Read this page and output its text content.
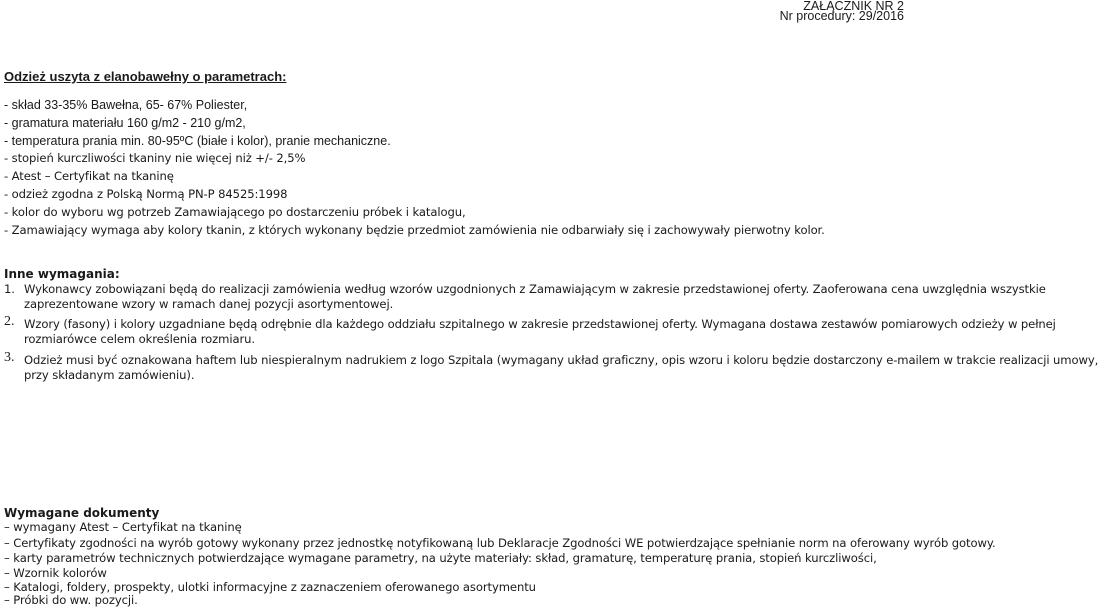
ZAŁĄCZNIK NR 2
Nr procedury: 29/2016
Odzież uszyta z elanobawełny o parametrach:
- skład 33-35% Bawełna, 65- 67% Poliester,
- gramatura materiału 160 g/m2 - 210 g/m2,
- temperatura prania min. 80-95ºC (białe i kolor), pranie mechaniczne.
- stopień kurczliwości tkaniny nie więcej niż +/- 2,5%
- Atest – Certyfikat na tkaninę
- odzież zgodna z Polską Normą PN-P 84525:1998
- kolor do wyboru wg potrzeb Zamawiającego po dostarczeniu próbek i katalogu,
- Zamawiający wymaga aby kolory tkanin, z których wykonany będzie przedmiot zamówienia nie odbarwiały się i zachowywały pierwotny kolor.
Inne wymagania:
1. Wykonawcy zobowiązani będą do realizacji zamówienia według wzorów uzgodnionych z Zamawiającym w zakresie przedstawionej oferty. Zaoferowana cena uwzględnia wszystkie
zaprezentowane wzory w ramach danej pozycji asortymentowej.
2. Wzory (fasony) i kolory uzgadniane będą odrębnie dla każdego oddziału szpitalnego w zakresie przedstawionej oferty. Wymagana dostawa zestawów pomiarowych odzieży w pełnej
rozmiarówce celem określenia rozmiaru.
3. Odzież musi być oznakowana haftem lub niespieralnym nadrukiem z logo Szpitala (wymagany układ graficzny, opis wzoru i koloru będzie dostarczony e-mailem w trakcie realizacji umowy,
przy składanym zamówieniu).
Wymagane dokumenty
– wymagany Atest – Certyfikat na tkaninę
– Certyfikaty zgodności na wyrób gotowy wykonany przez jednostkę notyfikowaną lub Deklaracje Zgodności WE potwierdzające spełnianie norm na oferowany wyrób gotowy.
– karty parametrów technicznych potwierdzające wymagane parametry, na użyte materiały: skład, gramaturę, temperaturę prania, stopień kurczliwości,
– Wzornik kolorów
– Katalogi, foldery, prospekty, ulotki informacyjne z zaznaczeniem oferowanego asortymentu
– Próbki do ww. pozycji.
